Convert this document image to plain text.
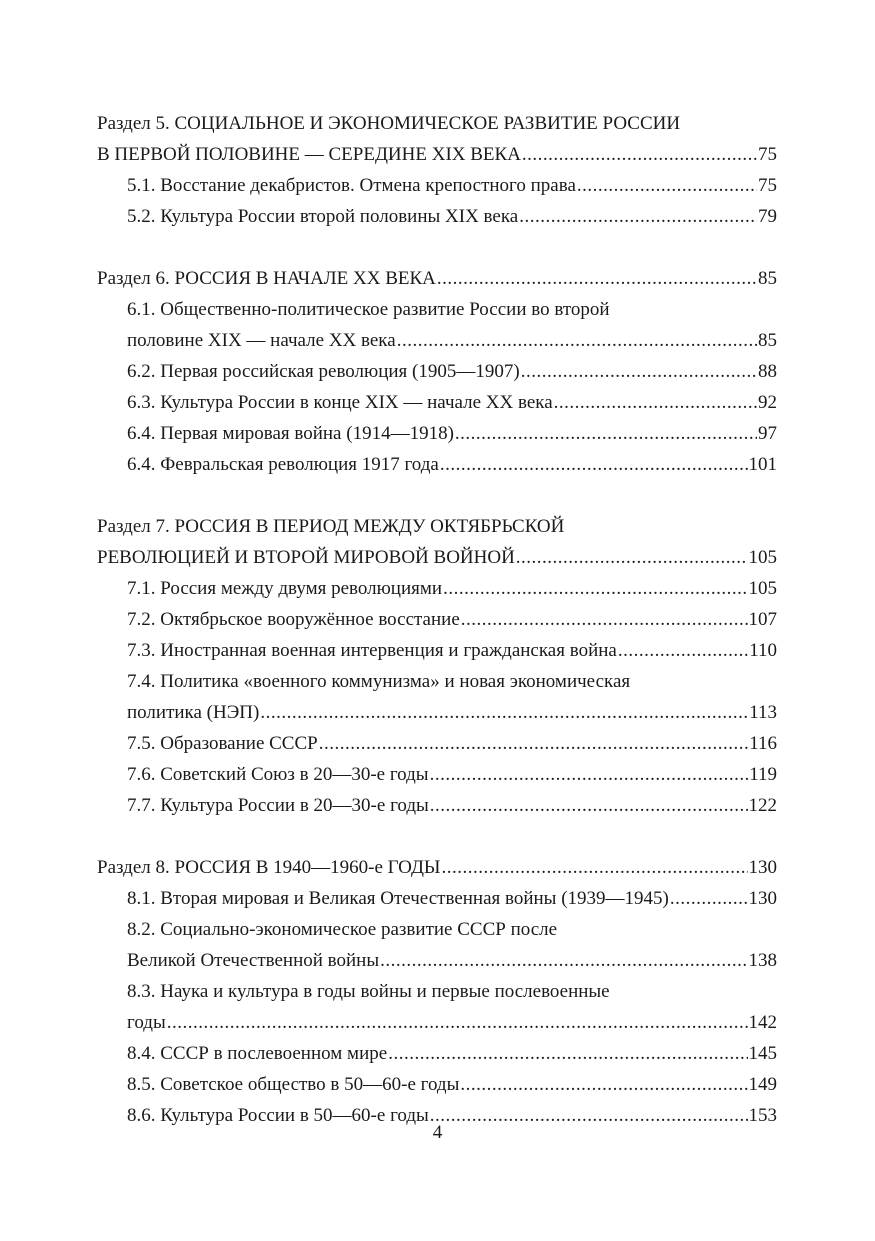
Раздел 5. СОЦИАЛЬНОЕ И ЭКОНОМИЧЕСКОЕ РАЗВИТИЕ РОССИИ
В ПЕРВОЙ ПОЛОВИНЕ — СЕРЕДИНЕ XIX ВЕКА .....	75
5.1. Восстание декабристов. Отмена крепостного права .....	75
5.2. Культура России второй половины XIX века .....	79
Раздел 6. РОССИЯ В НАЧАЛЕ XX ВЕКА .....	85
6.1. Общественно-политическое развитие России во второй
половине XIX — начале XX века .....	85
6.2. Первая российская революция (1905—1907) .....	88
6.3. Культура России в конце XIX — начале XX века .....	92
6.4. Первая мировая война (1914—1918) .....	97
6.4. Февральская революция 1917 года .....	101
Раздел 7. РОССИЯ В ПЕРИОД МЕЖДУ ОКТЯБРЬСКОЙ
РЕВОЛЮЦИЕЙ И ВТОРОЙ МИРОВОЙ ВОЙНОЙ .....	105
7.1. Россия между двумя революциями .....	105
7.2. Октябрьское вооружённое восстание .....	107
7.3. Иностранная военная интервенция и гражданская война .....	110
7.4. Политика «военного коммунизма» и новая экономическая
политика (НЭП) .....	113
7.5. Образование СССР .....	116
7.6. Советский Союз в 20—30-е годы .....	119
7.7. Культура России в 20—30-е годы .....	122
Раздел 8. РОССИЯ В 1940—1960-е ГОДЫ .....	130
8.1. Вторая мировая и Великая Отечественная войны (1939—1945) .....	130
8.2. Социально-экономическое развитие СССР после
Великой Отечественной войны .....	138
8.3. Наука и культура в годы войны и первые послевоенные
годы .....	142
8.4. СССР в послевоенном мире .....	145
8.5. Советское общество в 50—60-е годы .....	149
8.6. Культура России в 50—60-е годы .....	153
4
